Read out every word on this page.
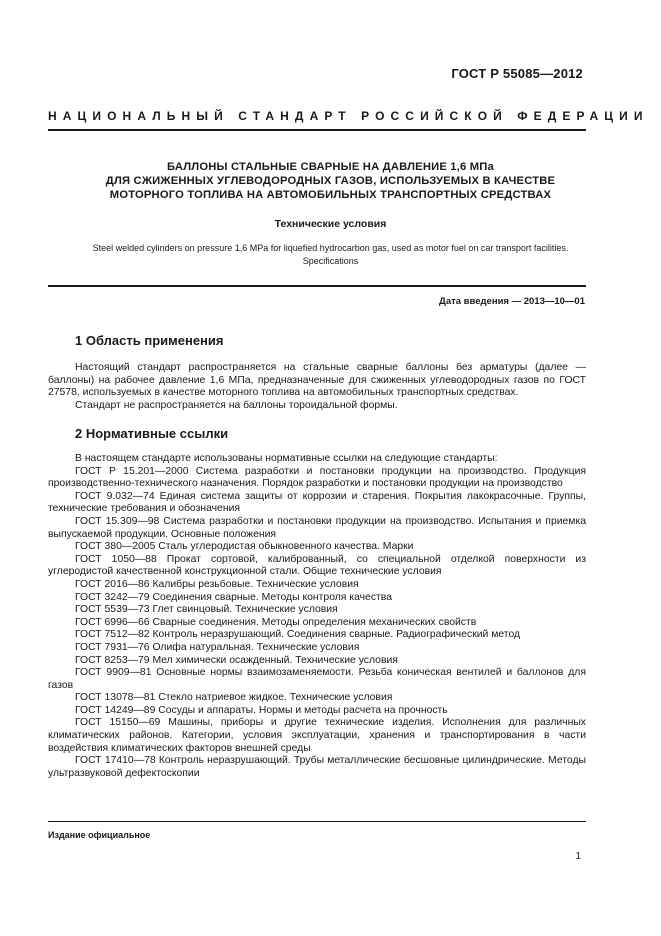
ГОСТ Р 55085—2012
НАЦИОНАЛЬНЫЙ СТАНДАРТ РОССИЙСКОЙ ФЕДЕРАЦИИ
БАЛЛОНЫ СТАЛЬНЫЕ СВАРНЫЕ НА ДАВЛЕНИЕ 1,6 МПа
ДЛЯ СЖИЖЕННЫХ УГЛЕВОДОРОДНЫХ ГАЗОВ, ИСПОЛЬЗУЕМЫХ В КАЧЕСТВЕ
МОТОРНОГО ТОПЛИВА НА АВТОМОБИЛЬНЫХ ТРАНСПОРТНЫХ СРЕДСТВАХ
Технические условия
Steel welded cylinders on pressure 1,6 MPa for liquefied hydrocarbon gas, used as motor fuel on car transport facilities.
Specifications
Дата введения — 2013—10—01
1 Область применения

Настоящий стандарт распространяется на стальные сварные баллоны без арматуры (далее — баллоны) на рабочее давление 1,6 МПа, предназначенные для сжиженных углеводородных газов по ГОСТ 27578, используемых в качестве моторного топлива на автомобильных транспортных средствах.

Стандарт не распространяется на баллоны тороидальной формы.

2 Нормативные ссылки

В настоящем стандарте использованы нормативные ссылки на следующие стандарты:

ГОСТ Р 15.201—2000 Система разработки и постановки продукции на производство. Продукция производственно-технического назначения. Порядок разработки и постановки продукции на производство

ГОСТ 9.032—74 Единая система защиты от коррозии и старения. Покрытия лакокрасочные. Группы, технические требования и обозначения

ГОСТ 15.309—98 Система разработки и постановки продукции на производство. Испытания и приемка выпускаемой продукции. Основные положения

ГОСТ 380—2005 Сталь углеродистая обыкновенного качества. Марки

ГОСТ 1050—88 Прокат сортовой, калиброванный, со специальной отделкой поверхности из углеродистой качественной конструкционной стали. Общие технические условия

ГОСТ 2016—86 Калибры резьбовые. Технические условия

ГОСТ 3242—79 Соединения сварные. Методы контроля качества

ГОСТ 5539—73 Глет свинцовый. Технические условия

ГОСТ 6996—66 Сварные соединения. Методы определения механических свойств

ГОСТ 7512—82 Контроль неразрушающий. Соединения сварные. Радиографический метод

ГОСТ 7931—76 Олифа натуральная. Технические условия

ГОСТ 8253—79 Мел химически осажденный. Технические условия

ГОСТ 9909—81 Основные нормы взаимозаменяемости. Резьба коническая вентилей и баллонов для газов

ГОСТ 13078—81 Стекло натриевое жидкое. Технические условия

ГОСТ 14249—89 Сосуды и аппараты. Нормы и методы расчета на прочность

ГОСТ 15150—69 Машины, приборы и другие технические изделия. Исполнения для различных климатических районов. Категории, условия эксплуатации, хранения и транспортирования в части воздействия климатических факторов внешней среды

ГОСТ 17410—78 Контроль неразрушающий. Трубы металлические бесшовные цилиндрические. Методы ультразвуковой дефектоскопии

Издание официальное
1
